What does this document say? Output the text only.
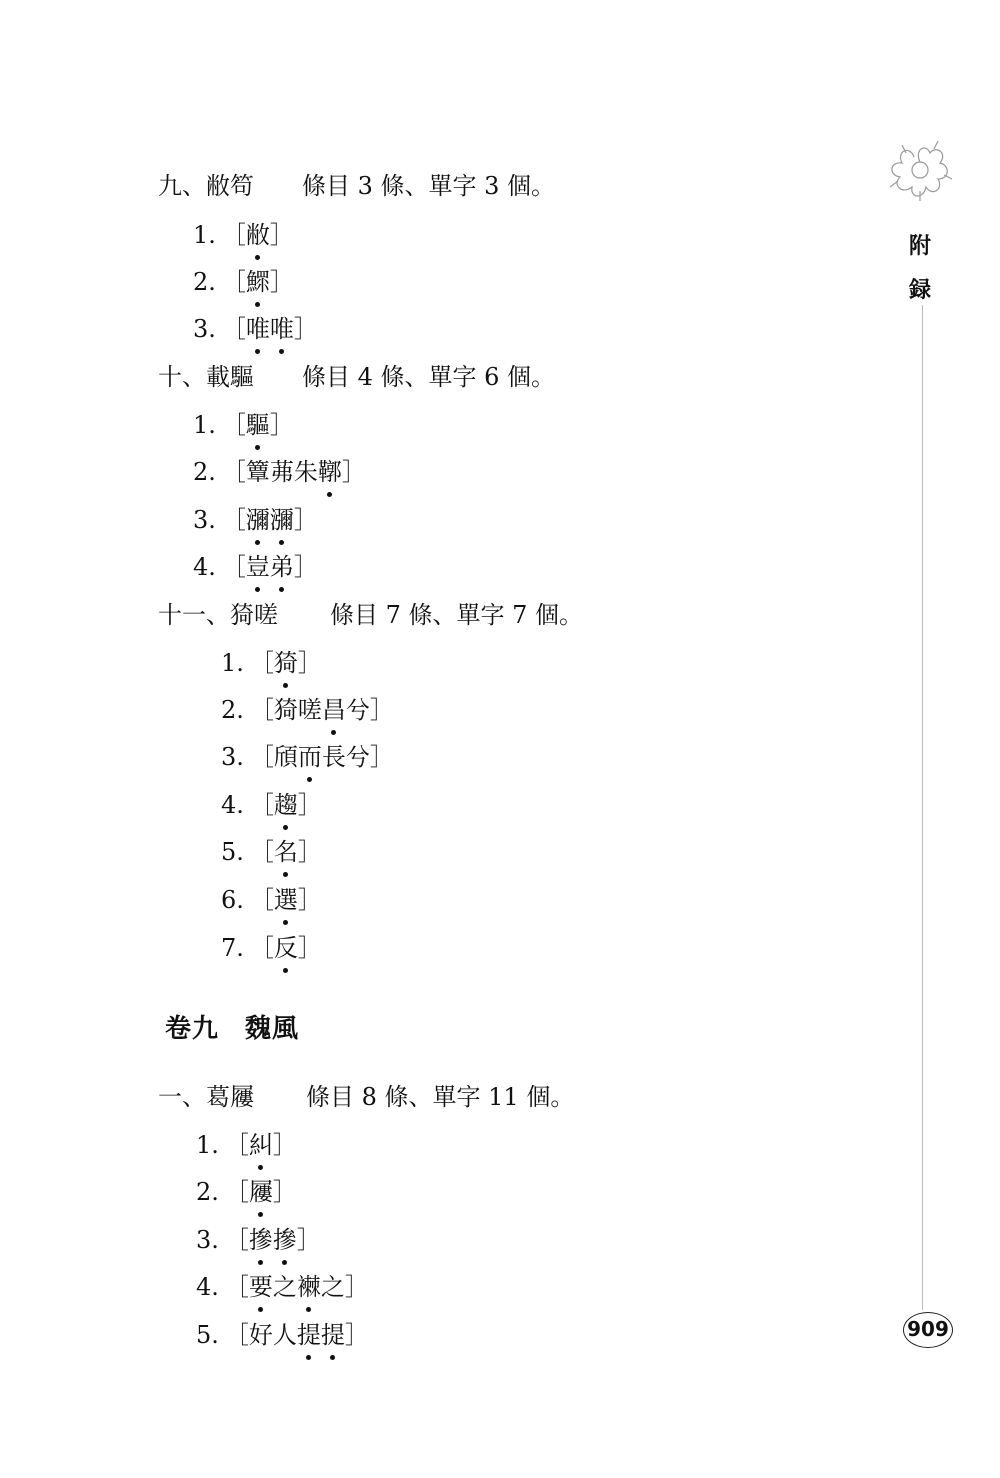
九、敝笱 條目 3 條、單字 3 個。
1. ［敝］
2. ［鰥］
3. ［唯唯］
十、載驅 條目 4 條、單字 6 個。
1. ［驅］
2. ［簟茀朱鞹］
3. ［瀰瀰］
4. ［豈弟］
十一、猗嗟 條目 7 條、單字 7 個。
1. ［猗］
2. ［猗嗟昌兮］
3. ［頎而長兮］
4. ［趨］
5. ［名］
6. ［選］
7. ［反］
一、葛屨 條目 8 條、單字 11 個。
1. ［糾］
2. ［屨］
3. ［摻摻］
4. ［要之襋之］
5. ［好人提提］
卷九 魏風
附
録
909
